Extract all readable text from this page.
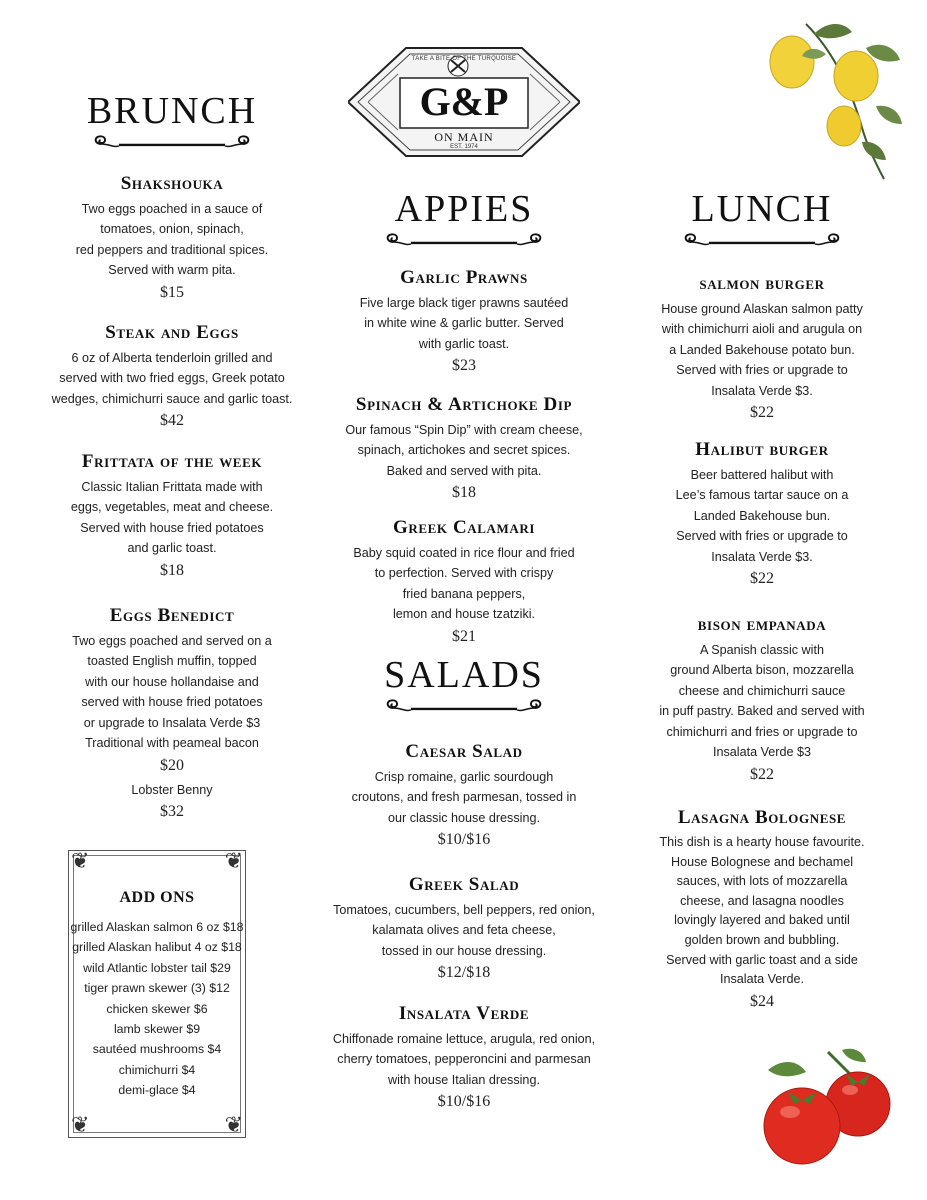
TAKE A BITE OF THE TURQUOISE
G&P
ON MAIN
EST. 1974
BRUNCH
Shakshouka
Two eggs poached in a sauce of
tomatoes, onion, spinach,
red peppers and traditional spices.
Served with warm pita.
$15
Steak and Eggs
6 oz of Alberta tenderloin grilled and
served with two fried eggs, Greek potato
wedges, chimichurri sauce and garlic toast.
$42
Frittata of the week
Classic Italian Frittata made with
eggs, vegetables, meat and cheese.
Served with house fried potatoes
and garlic toast.
$18
Eggs Benedict
Two eggs poached and served on a
toasted English muffin, topped
with our house hollandaise and
served with house fried potatoes
or upgrade to Insalata Verde $3
Traditional with peameal bacon
$20
Lobster Benny
$32
❦	❦
❦	❦
ADD ONS
grilled Alaskan salmon 6 oz $18
grilled Alaskan halibut 4 oz $18
wild Atlantic lobster tail $29
tiger prawn skewer (3) $12
chicken skewer $6
lamb skewer $9
sautéed mushrooms $4
chimichurri $4
demi-glace $4
APPIES
Garlic Prawns
Five large black tiger prawns sautéed
in white wine & garlic butter. Served
with garlic toast.
$23
Spinach & Artichoke Dip
Our famous “Spin Dip” with cream cheese,
spinach, artichokes and secret spices.
Baked and served with pita.
$18
Greek Calamari
Baby squid coated in rice flour and fried
to perfection. Served with crispy
fried banana peppers,
lemon and house tzatziki.
$21
SALADS
Caesar Salad
Crisp romaine, garlic sourdough
croutons, and fresh parmesan, tossed in
our classic house dressing.
$10/$16
Greek Salad
Tomatoes, cucumbers, bell peppers, red onion,
kalamata olives and feta cheese,
tossed in our house dressing.
$12/$18
Insalata Verde
Chiffonade romaine lettuce, arugula, red onion,
cherry tomatoes, pepperoncini and parmesan
with house Italian dressing.
$10/$16
LUNCH
salmon burger
House ground Alaskan salmon patty
with chimichurri aioli and arugula on
a Landed Bakehouse potato bun.
Served with fries or upgrade to
Insalata Verde $3.
$22
Halibut burger
Beer battered halibut with
Lee’s famous tartar sauce on a
Landed Bakehouse bun.
Served with fries or upgrade to
Insalata Verde $3.
$22
bison empanada
A Spanish classic with
ground Alberta bison, mozzarella
cheese and chimichurri sauce
in puff pastry. Baked and served with
chimichurri and fries or upgrade to
Insalata Verde $3
$22
Lasagna Bolognese
This dish is a hearty house favourite.
House Bolognese and bechamel
sauces, with lots of mozzarella
cheese, and lasagna noodles
lovingly layered and baked until
golden brown and bubbling.
Served with garlic toast and a side
Insalata Verde.
$24
